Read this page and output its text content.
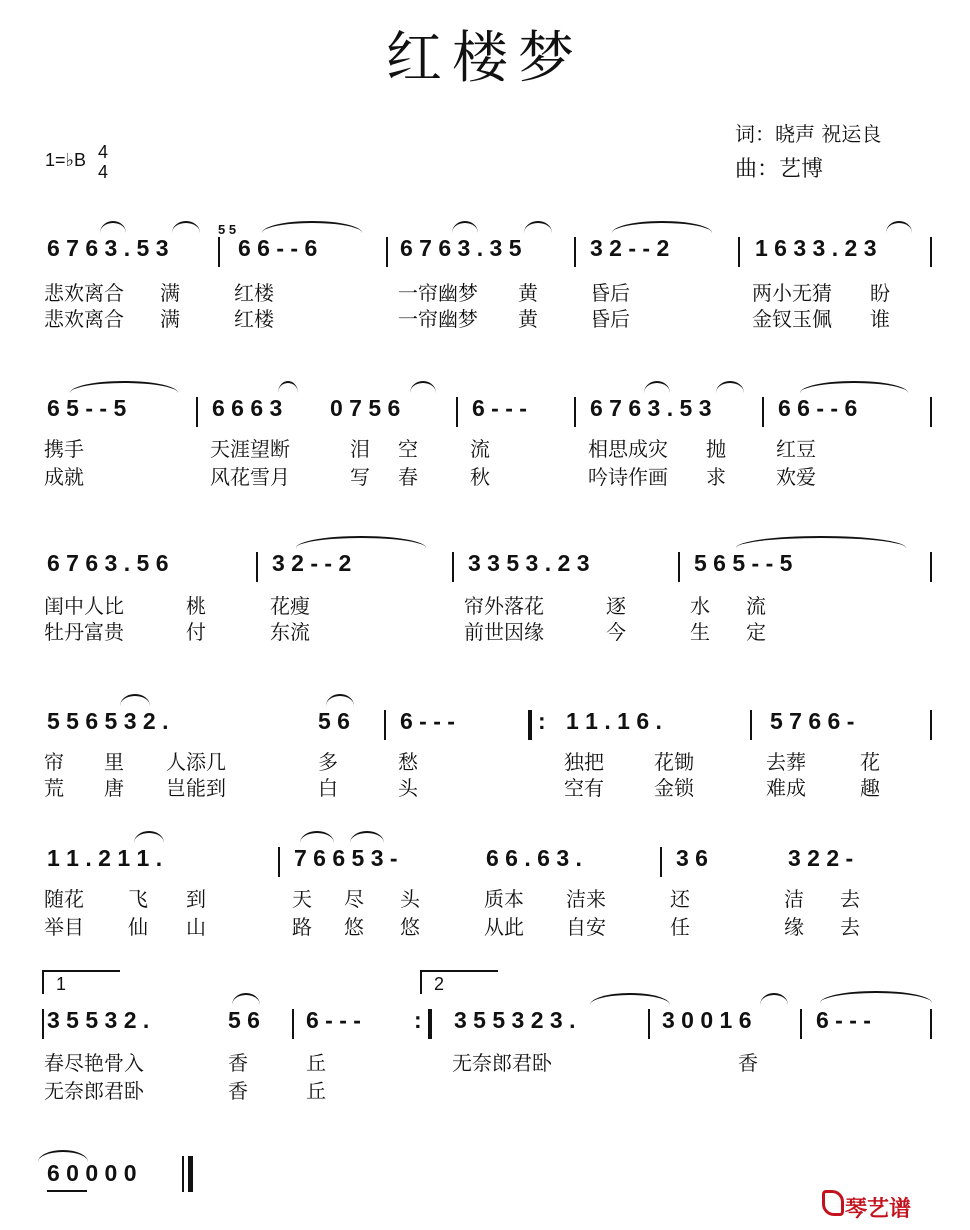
红楼梦
词：晓声 祝运良
曲：艺博
1=♭B 4
4
6 7 6 3 . 5 3
5 5
6 6 - - 6	6 7 6 3 . 3 5	3 2 - - 2	1 6 3 3 . 2 3
悲欢离合 满	红楼	一帘幽梦 黄	昏后	两小无猜 盼
悲欢离合 满	红楼	一帘幽梦 黄	昏后	金钗玉佩 谁
6 5 - - 5	6 6 6 3 0 7 5 6	6 - - -	6 7 6 3 . 5 3	6 6 - - 6
携手	天涯望断	泪 空	流	相思成灾 抛	红豆
成就	风花雪月	写 春	秋	吟诗作画 求	欢爱
6 7 6 3 . 5 6	3 2 - - 2	3 3 5 3 . 2 3	5 6 5 - - 5
闺中人比	桃	花瘦	帘外落花	逐	水 流
牡丹富贵	付	东流	前世因缘	今	生 定
5 5 6 5 3 2 .	5 6 6 - - -	: 1 1 . 1 6 .	5 7 6 6 -
帘 里 人添几	多	愁	独把	花锄	去葬	花
荒 唐 岂能到	白	头	空有	金锁	难成	趣
1 1 . 2 1 1 .	7 6 6 5 3 -	6 6 . 6 3 .	3 6	3 2 2 -
随花 飞 到	天 尽 头	质本 洁来	还	洁 去
举目 仙 山	路 悠 悠	从此 自安	任	缘 去
1	2
3 5 5 3 2 .	5 6 6 - - - : 3 5 5 3 2 3 .	3 0 0 1 6	6 - - -
春尽艳骨入	香	丘	无奈郎君卧	香
无奈郎君卧	香	丘
6 0 0 0 0
琴艺谱
